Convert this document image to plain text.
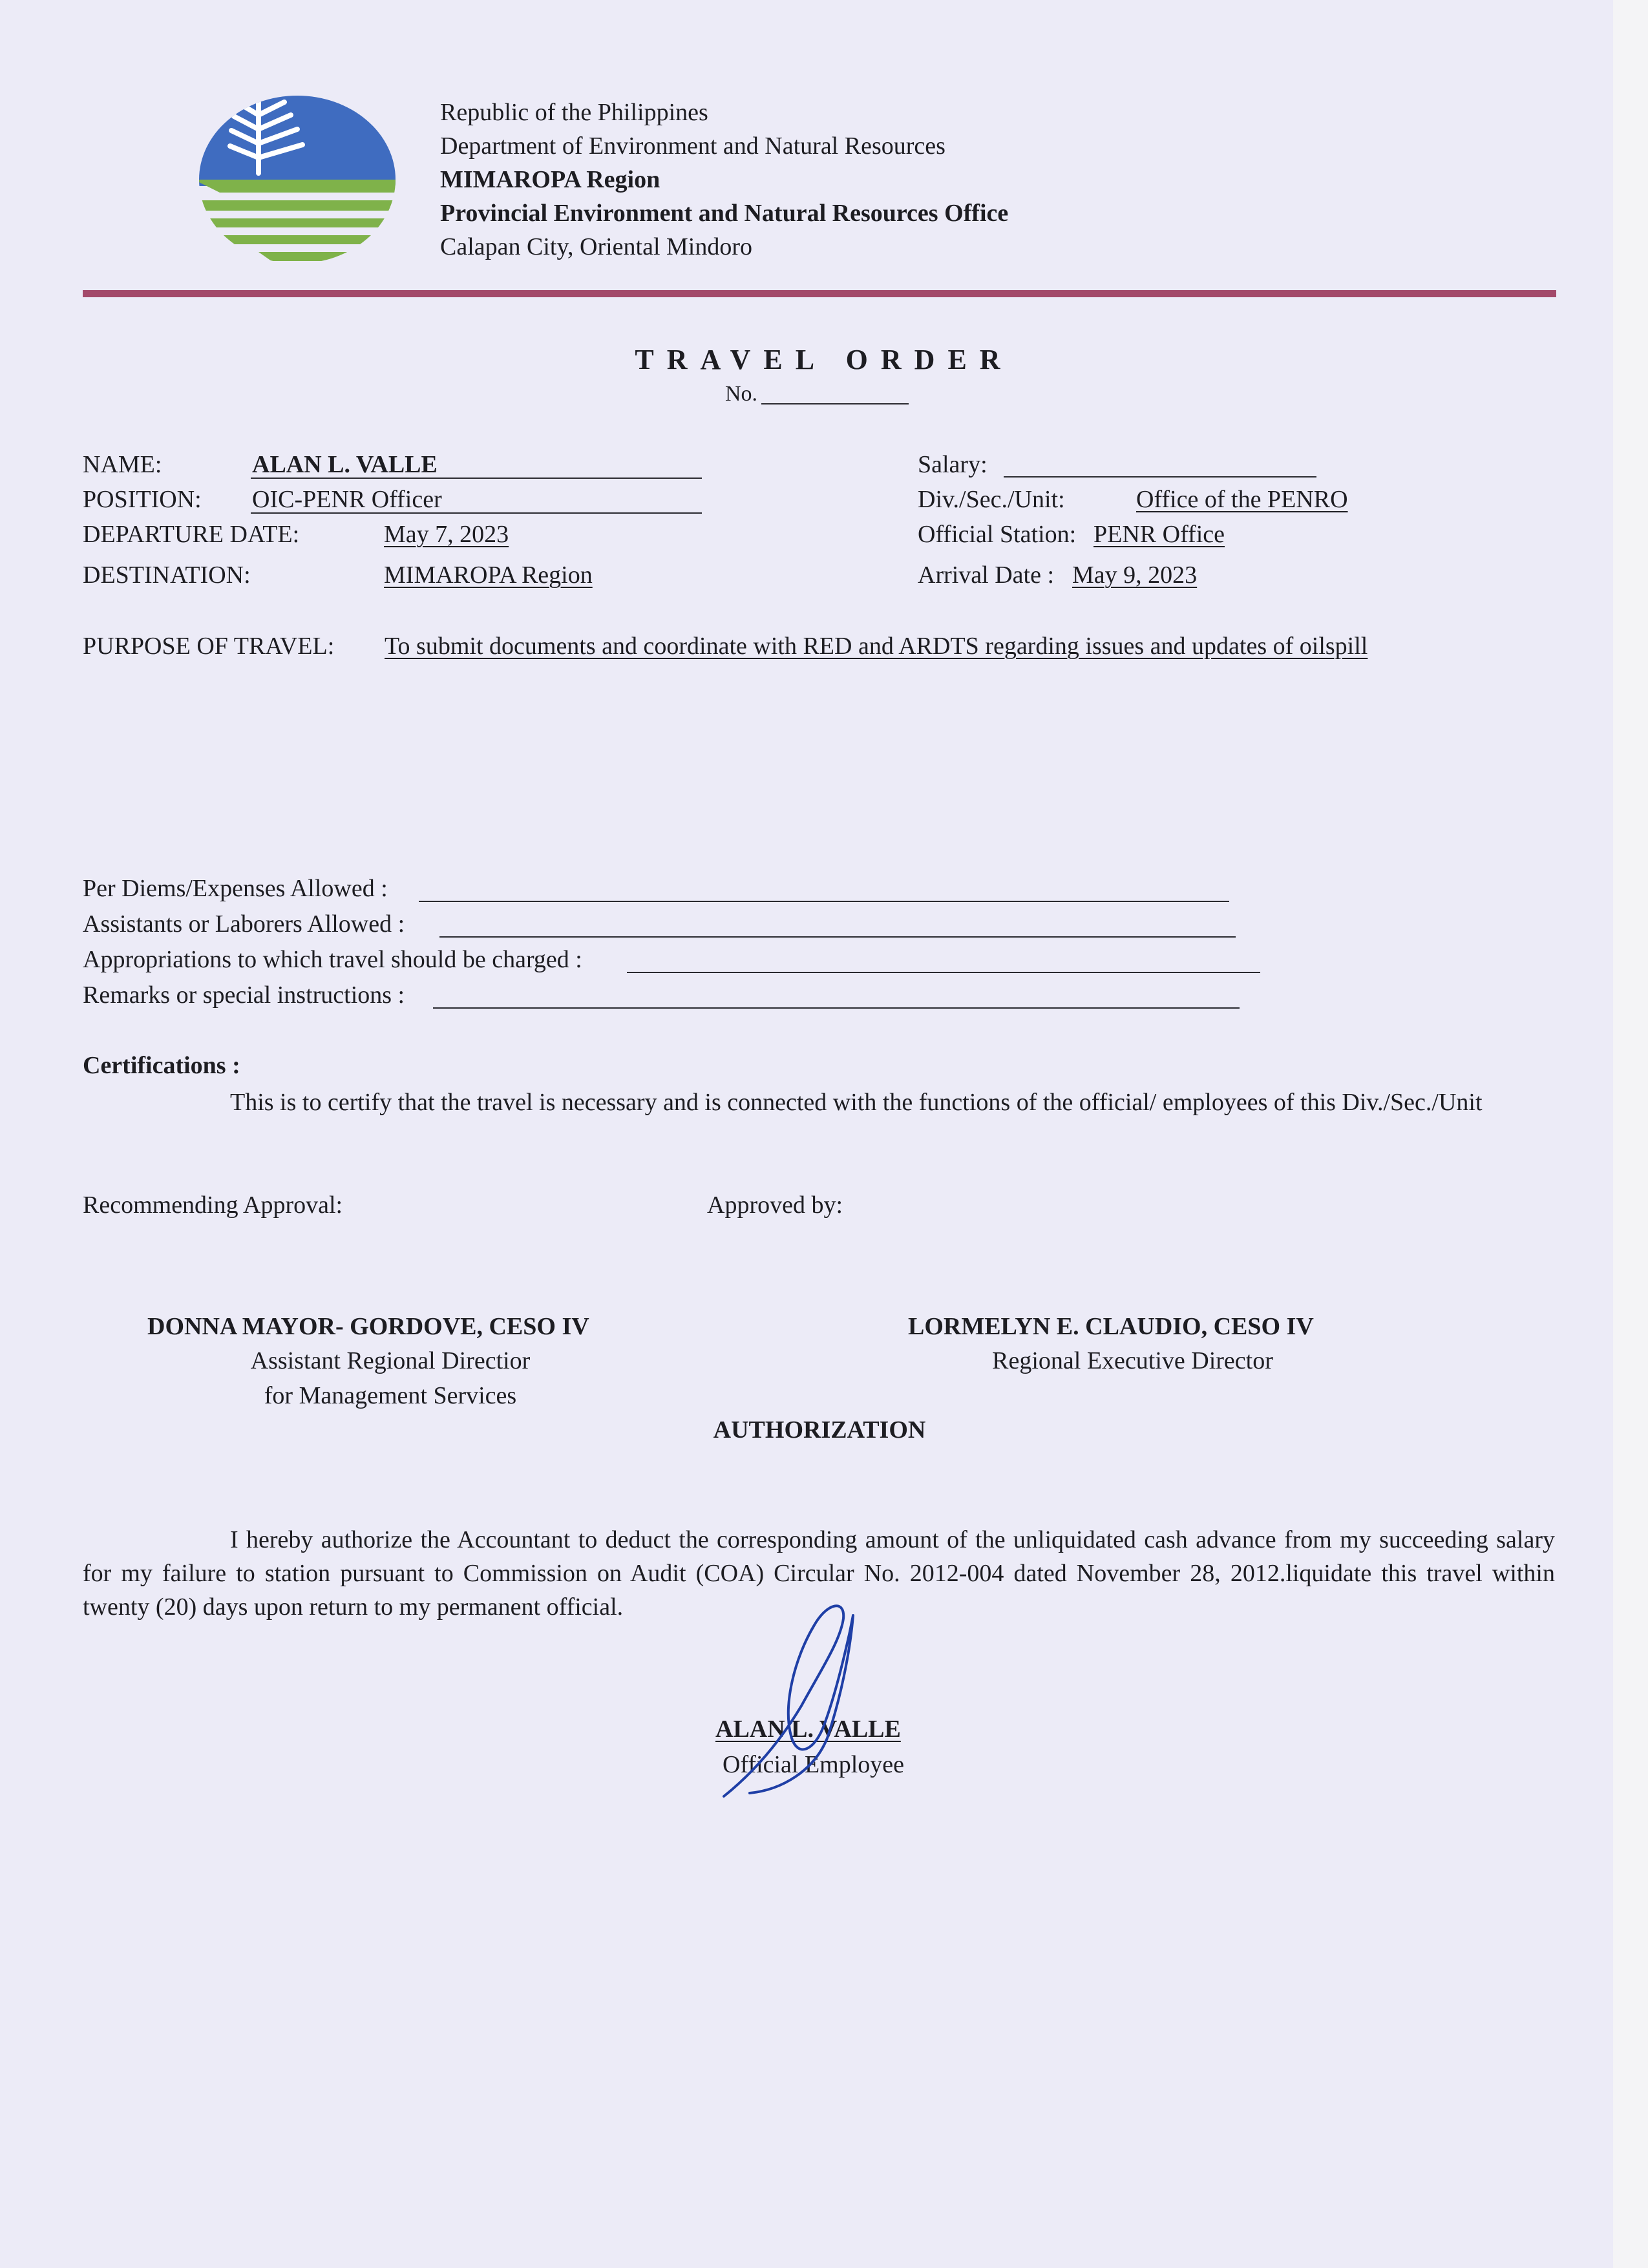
Republic of the Philippines
Department of Environment and Natural Resources
MIMAROPA Region
Provincial Environment and Natural Resources Office
Calapan City, Oriental Mindoro
TRAVEL ORDER
No.
NAME:	ALAN L. VALLE
POSITION: OIC-PENR Officer
DEPARTURE DATE:	May 7, 2023
DESTINATION:	MIMAROPA Region
Salary:
Div./Sec./Unit:	Office of the PENRO
Official Station: PENR Office
Arrival Date : May 9, 2023
PURPOSE OF TRAVEL: To submit documents and coordinate with RED and ARDTS regarding issues and updates of oilspill
Per Diems/Expenses Allowed :
Assistants or Laborers Allowed :
Appropriations to which travel should be charged :
Remarks or special instructions :
Certifications :
This is to certify that the travel is necessary and is connected with the functions of the official/ employees of this Div./Sec./Unit
Recommending Approval:	Approved by:
DONNA MAYOR- GORDOVE, CESO IV
Assistant Regional Directior
for Management Services
LORMELYN E. CLAUDIO, CESO IV
Regional Executive Director
AUTHORIZATION
I hereby authorize the Accountant to deduct the corresponding amount of the unliquidated cash advance from my succeeding salary for my failure to station pursuant to Commission on Audit (COA) Circular No. 2012-004 dated November 28, 2012.liquidate this travel within twenty (20) days upon return to my permanent official.
ALAN L. VALLE
Official Employee
